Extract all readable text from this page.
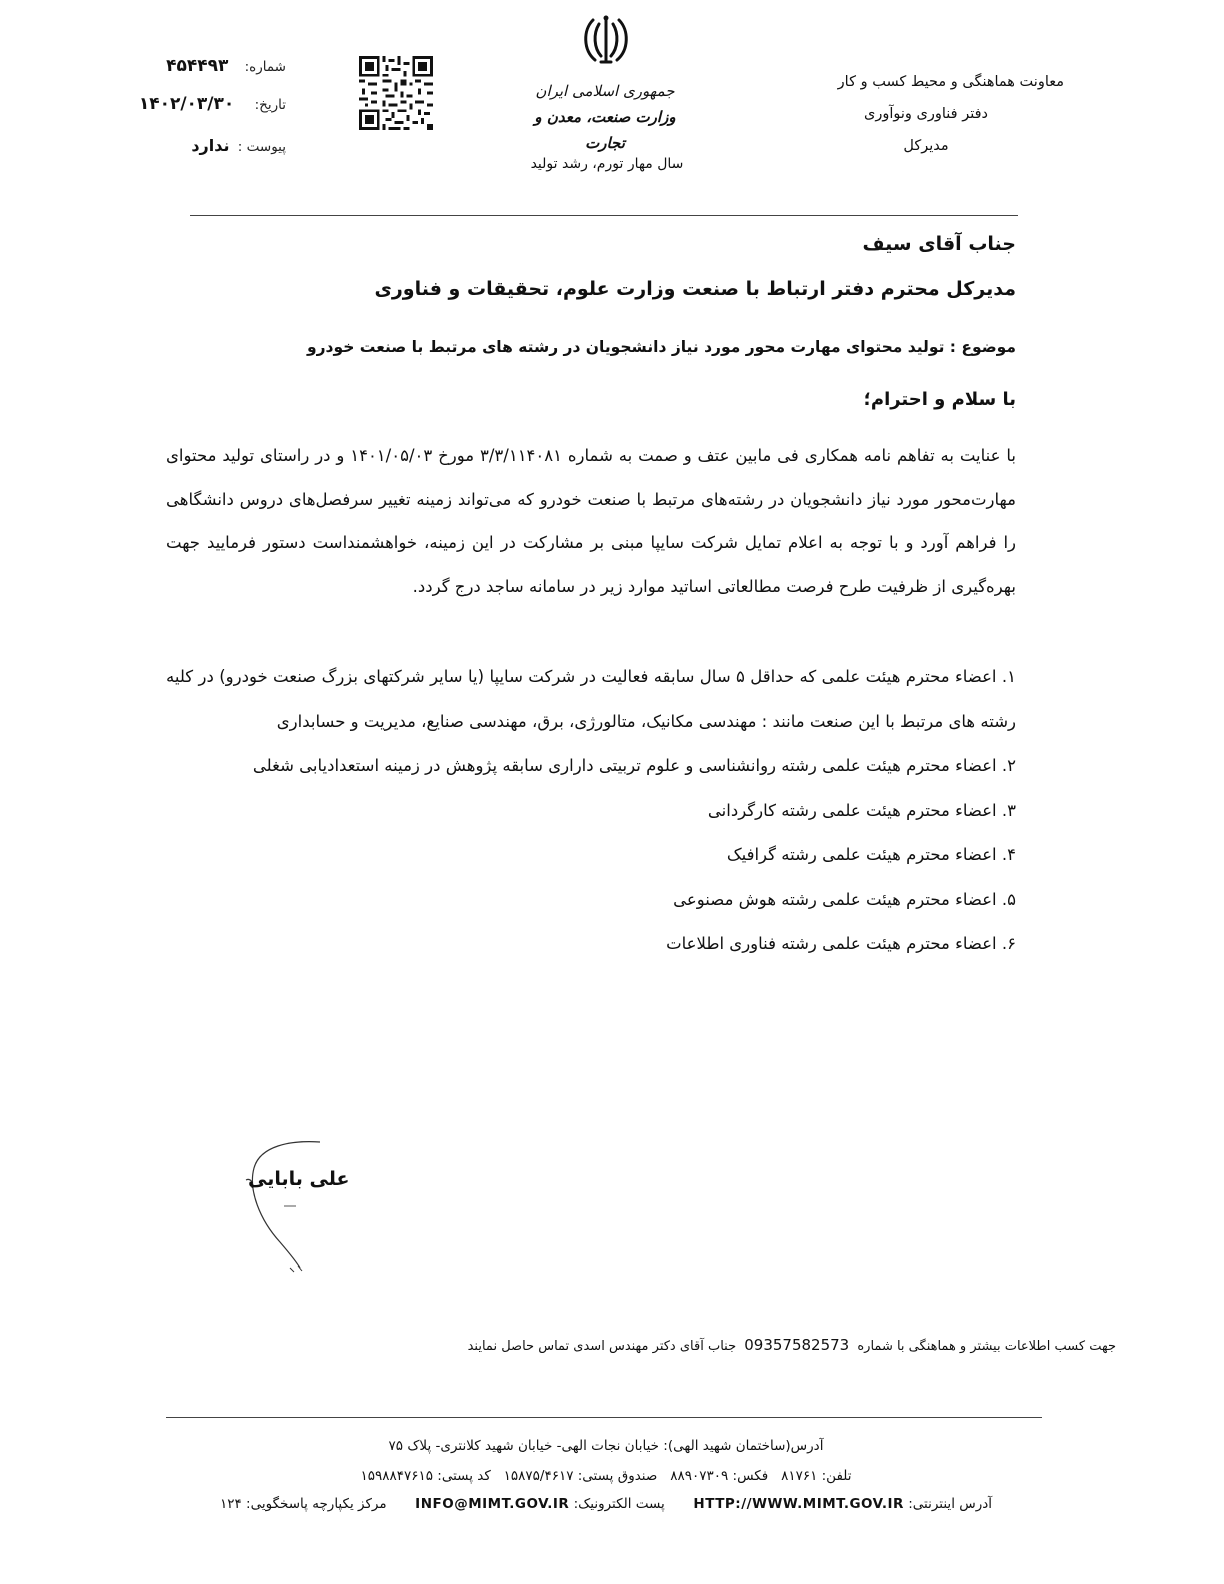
معاونت هماهنگی و محیط کسب و کار
دفتر فناوری ونوآوری
مدیرکل
جمهوری اسلامی ایران
وزارت صنعت، معدن و تجارت
سال مهار تورم، رشد تولید
شماره: ۴۵۴۴۹۳
تاریخ: ۱۴۰۲/۰۳/۳۰
پیوست : ندارد
جناب آقای سیف
مدیرکل محترم دفتر ارتباط با صنعت وزارت علوم، تحقیقات و فناوری
موضوع : تولید محتوای مهارت محور مورد نیاز دانشجویان در رشته های مرتبط با صنعت خودرو
با سلام و احترام؛

با عنایت به تفاهم نامه همکاری فی مابین عتف و صمت به شماره ۳/۳/۱۱۴۰۸۱ مورخ ۱۴۰۱/۰۵/۰۳ و در راستای تولید محتوای مهارت‌محور مورد نیاز دانشجویان در رشته‌های مرتبط با صنعت خودرو که می‌تواند زمینه تغییر سرفصل‌های دروس دانشگاهی را فراهم آورد و با توجه به اعلام تمایل شرکت سایپا مبنی بر مشارکت در این زمینه، خواهشمنداست دستور فرمایید جهت بهره‌گیری از ظرفیت طرح فرصت مطالعاتی اساتید موارد زیر در سامانه ساجد درج گردد.

۱. اعضاء محترم هیئت علمی که حداقل ۵ سال سابقه فعالیت در شرکت سایپا (یا سایر شرکتهای بزرگ صنعت خودرو) در کلیه رشته های مرتبط با این صنعت مانند : مهندسی مکانیک، متالورژی، برق، مهندسی صنایع، مدیریت و حسابداری
۲. اعضاء محترم هیئت علمی رشته روانشناسی و علوم تربیتی داراری سابقه پژوهش در زمینه استعدادیابی شغلی
۳. اعضاء محترم هیئت علمی رشته کارگردانی
۴. اعضاء محترم هیئت علمی رشته گرافیک
۵. اعضاء محترم هیئت علمی رشته هوش مصنوعی
۶. اعضاء محترم هیئت علمی رشته فناوری اطلاعات
علی بابایی
جهت کسب اطلاعات بیشتر و هماهنگی با شماره 09357582573 جناب آقای دکتر مهندس اسدی تماس حاصل نمایند
آدرس(ساختمان شهید الهی): خیابان نجات الهی- خیابان شهید کلانتری- پلاک ۷۵
تلفن: ۸۱۷۶۱   فکس: ۸۸۹۰۷۳۰۹   صندوق پستی: ۱۵۸۷۵/۴۶۱۷   کد پستی: ۱۵۹۸۸۴۷۶۱۵
آدرس اینترنتی: HTTP://WWW.MIMT.GOV.IR  پست الکترونیک: INFO@MIMT.GOV.IR  مرکز یکپارچه پاسخگویی: ۱۲۴
